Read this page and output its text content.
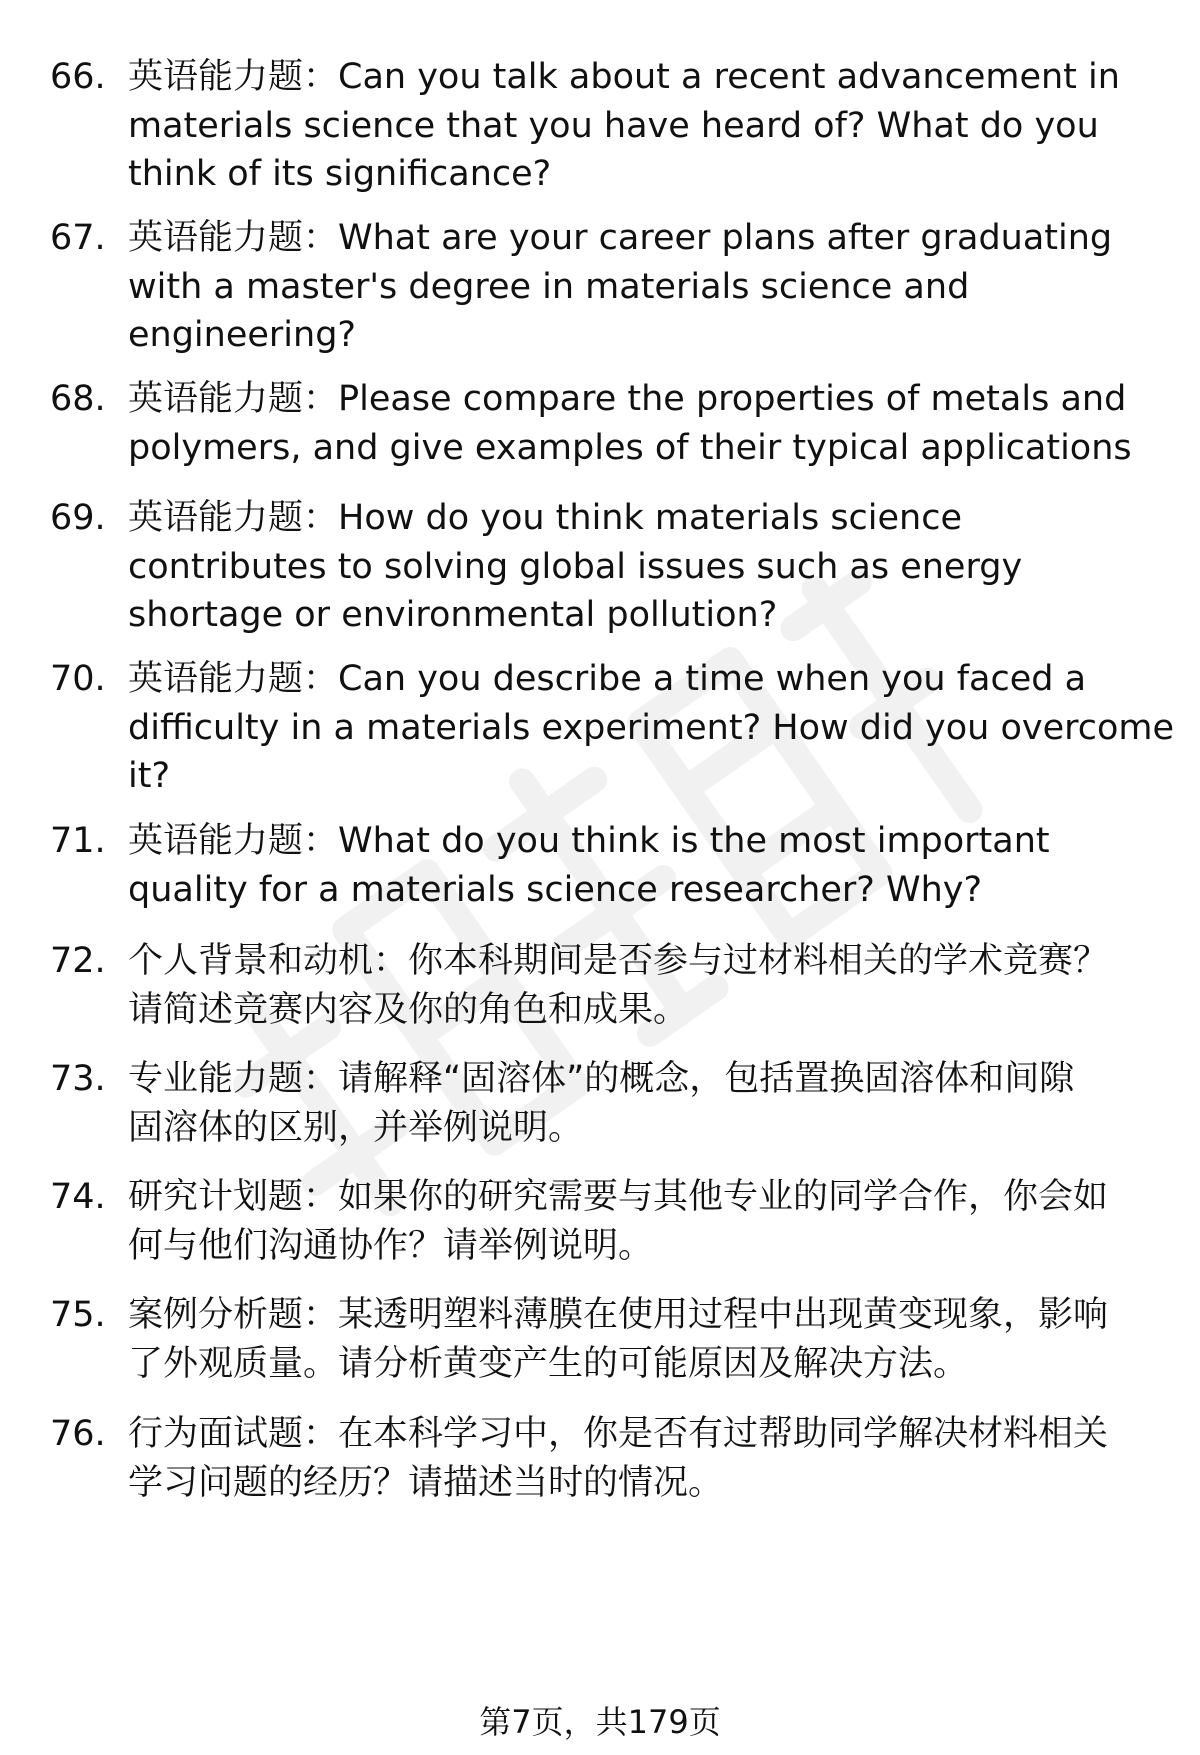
66. 英语能力题：Can you talk about a recent advancement in
materials science that you have heard of? What do you
think of its significance?
67. 英语能力题：What are your career plans after graduating
with a master's degree in materials science and
engineering?
68. 英语能力题：Please compare the properties of metals and
polymers, and give examples of their typical applications
69. 英语能力题：How do you think materials science
contributes to solving global issues such as energy
shortage or environmental pollution?
70. 英语能力题：Can you describe a time when you faced a
difficulty in a materials experiment? How did you overcome
it?
71. 英语能力题：What do you think is the most important
quality for a materials science researcher? Why?
72. 个人背景和动机：你本科期间是否参与过材料相关的学术竞赛？
请简述竞赛内容及你的角色和成果。
73. 专业能力题：请解释“固溶体”的概念，包括置换固溶体和间隙
固溶体的区别，并举例说明。
74. 研究计划题：如果你的研究需要与其他专业的同学合作，你会如
何与他们沟通协作？请举例说明。
75. 案例分析题：某透明塑料薄膜在使用过程中出现黄变现象，影响
了外观质量。请分析黄变产生的可能原因及解决方法。
76. 行为面试题：在本科学习中，你是否有过帮助同学解决材料相关
学习问题的经历？请描述当时的情况。
第7页，共179页
